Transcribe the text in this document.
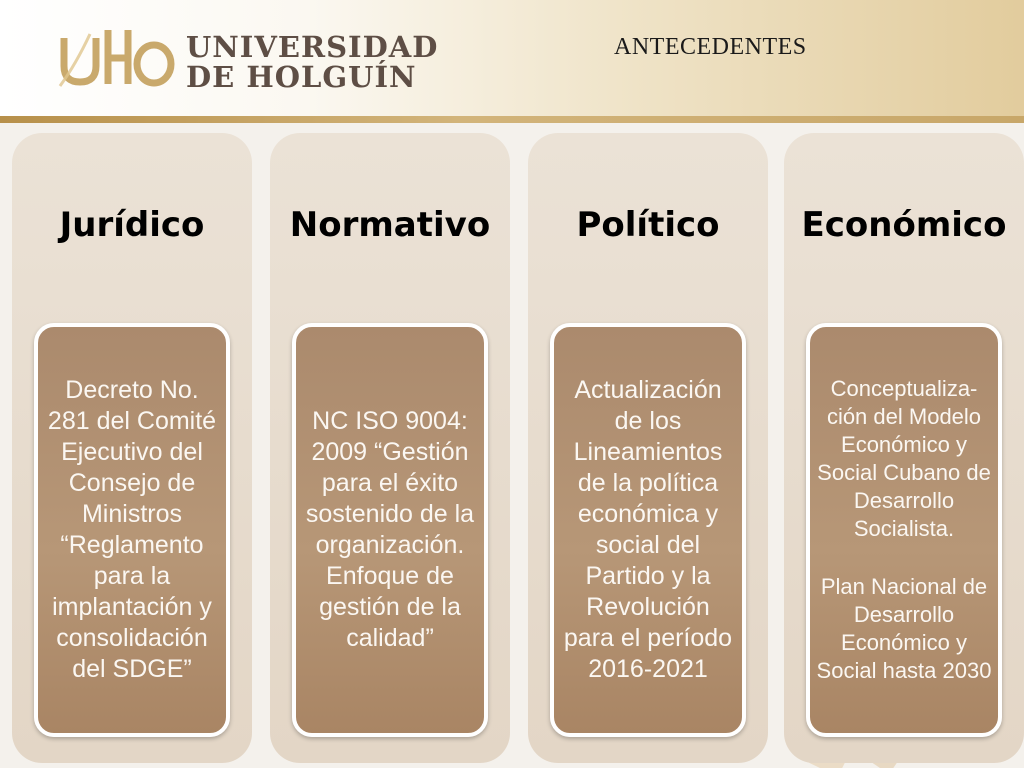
UNIVERSIDAD
DE HOLGUÍN
ANTECEDENTES
Jurídico
Decreto No. 281 del Comité Ejecutivo del Consejo de Ministros “Reglamento para la implantación y consolidación del SDGE”
Normativo
NC ISO 9004: 2009 “Gestión para el éxito sostenido de la organización. Enfoque de gestión de la calidad”
Político
Actualización de los Lineamientos de la política económica y social del Partido y la Revolución para el período 2016-2021
Económico
Conceptualiza-ción del Modelo Económico y Social Cubano de Desarrollo Socialista.
Plan Nacional de Desarrollo Económico y Social hasta 2030
